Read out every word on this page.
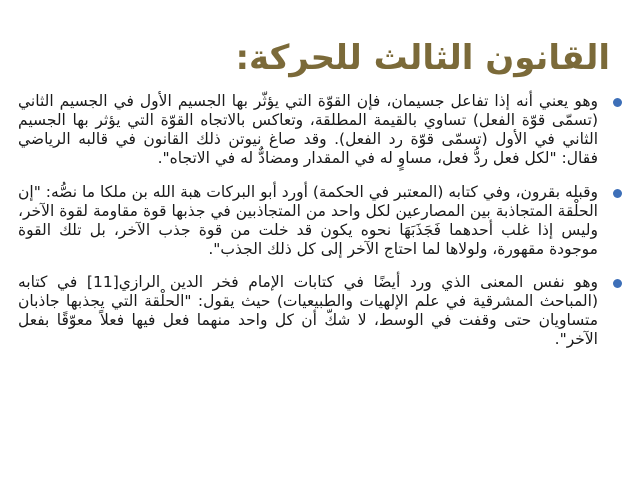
القانون الثالث للحركة:

وهو يعني أنه إذا تفاعل جسيمان، فإن القوّة التي يؤثّر بها الجسيم الأول في الجسيم الثاني (تسمّى قوّة الفعل) تساوي بالقيمة المطلقة، وتعاكس بالاتجاه القوّة التي يؤثر بها الجسيم الثاني في الأول (تسمّى قوّة رد الفعل). وقد صاغ نيوتن ذلك القانون في قالبه الرياضي فقال: "لكل فعل ردُّ فعل، مساوٍ له في المقدار ومضادٌّ له في الاتجاه".

وقبله بقرون، وفي كتابه (المعتبر في الحكمة) أورد أبو البركات هبة الله بن ملكا ما نصُّه: "إن الحلْقة المتجاذبة بين المصارعين لكل واحد من المتجاذبين في جذبها قوة مقاومة لقوة الآخر، وليس إذا غلب أحدهما فَجَذَبَهَا نحوه يكون قد خلت من قوة جذب الآخر، بل تلك القوة موجودة مقهورة، ولولاها لما احتاج الآخر إلى كل ذلك الجذب".

وهو نفس المعنى الذي ورد أيضًا في كتابات الإمام فخر الدين الرازي[11] في كتابه (المباحث المشرقية في علم الإلهيات والطبيعيات) حيث يقول: "الحلْقة التي يجذبها جاذبان متساويان حتى وقفت في الوسط، لا شكّ أن كل واحد منهما فعل فيها فعلاً معوّقًا بفعل الآخر".
